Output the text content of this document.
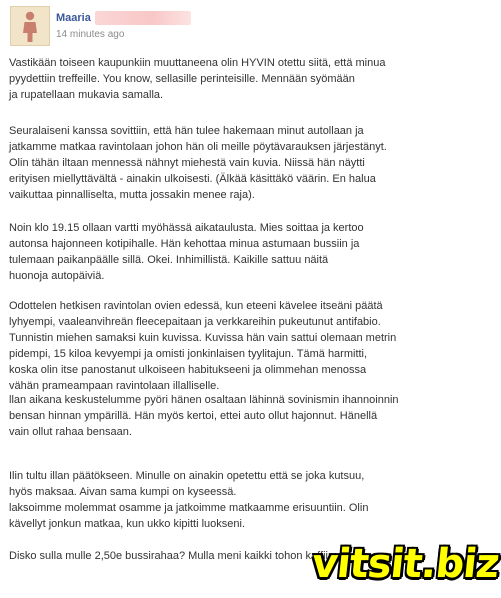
Maaria
14 minutes ago

Vastikään toiseen kaupunkiin muuttaneena olin HYVIN otettu siitä, että minua
pyydettiin treffeille. You know, sellasille perinteisille. Mennään syömään
ja rupatellaan mukavia samalla.

Seuralaiseni kanssa sovittiin, että hän tulee hakemaan minut autollaan ja
jatkamme matkaa ravintolaan johon hän oli meille pöytävarauksen järjestänyt.
Olin tähän iltaan mennessä nähnyt miehestä vain kuvia. Niissä hän näytti
erityisen miellyttävältä - ainakin ulkoisesti. (Älkää käsittäkö väärin. En halua
vaikuttaa pinnalliselta, mutta jossakin menee raja).

Noin klo 19.15 ollaan vartti myöhässä aikataulusta. Mies soittaa ja kertoo
autonsa hajonneen kotipihalle. Hän kehottaa minua astumaan bussiin ja
tulemaan paikanpäälle sillä. Okei. Inhimillistä. Kaikille sattuu näitä
huonoja autopäiviä.

Odottelen hetkisen ravintolan ovien edessä, kun eteeni kävelee itseäni päätä
lyhyempi, vaaleanvihreän fleecepaitaan ja verkkareihin pukeutunut antifabio.
Tunnistin miehen samaksi kuin kuvissa. Kuvissa hän vain sattui olemaan metrin
pidempi, 15 kiloa kevyempi ja omisti jonkinlaisen tyylitajun. Tämä harmitti,
koska olin itse panostanut ulkoiseen habitukseeni ja olimmehan menossa
vähän prameampaan ravintolaan illalliselle.

llan aikana keskustelumme pyöri hänen osaltaan lähinnä sovinismin ihannoinnin
bensan hinnan ympärillä. Hän myös kertoi, ettei auto ollut hajonnut. Hänellä
vain ollut rahaa bensaan.

Ilin tultu illan päätökseen. Minulle on ainakin opetettu että se joka kutsuu,
hyös maksaa. Aivan sama kumpi on kyseessä.
laksoimme molemmat osamme ja jatkoimme matkaamme erisuuntiin. Olin
kävellyt jonkun matkaa, kun ukko kipitti luokseni.

Disko sulla mulle 2,50e bussirahaa? Mulla meni kaikki tohon kaffiin

vitsit.biz
